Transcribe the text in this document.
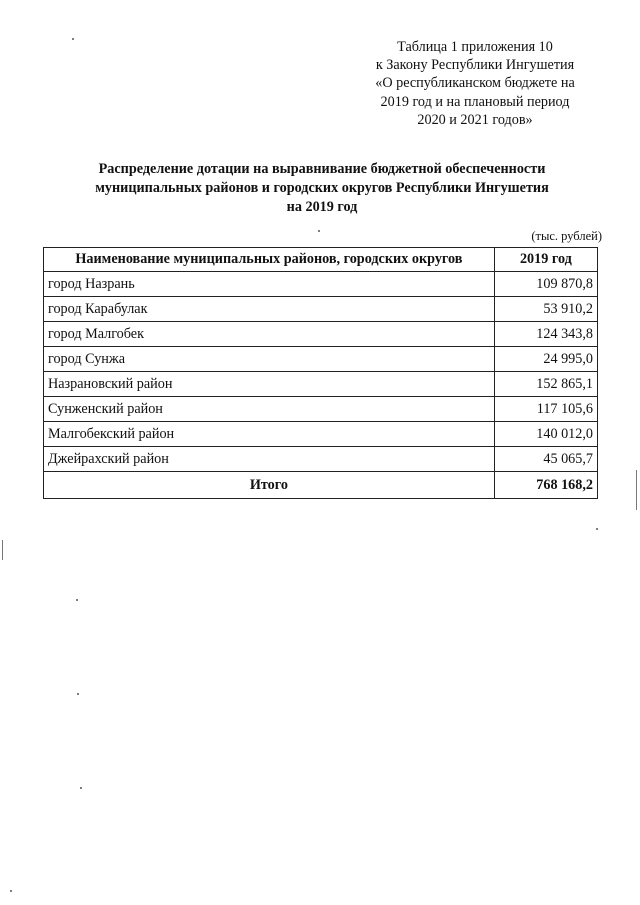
Таблица 1 приложения 10
к Закону Республики Ингушетия
«О республиканском бюджете на
2019 год и на плановый период
2020 и 2021 годов»
Распределение дотации на выравнивание бюджетной обеспеченности
муниципальных районов и городских округов Республики Ингушетия
на 2019 год
(тыс. рублей)
Наименование муниципальных районов, городских округов	2019 год
город Назрань	109 870,8
город Карабулак	53 910,2
город Малгобек	124 343,8
город Сунжа	24 995,0
Назрановский район	152 865,1
Сунженский район	117 105,6
Малгобекский район	140 012,0
Джейрахский район	45 065,7
Итого	768 168,2
